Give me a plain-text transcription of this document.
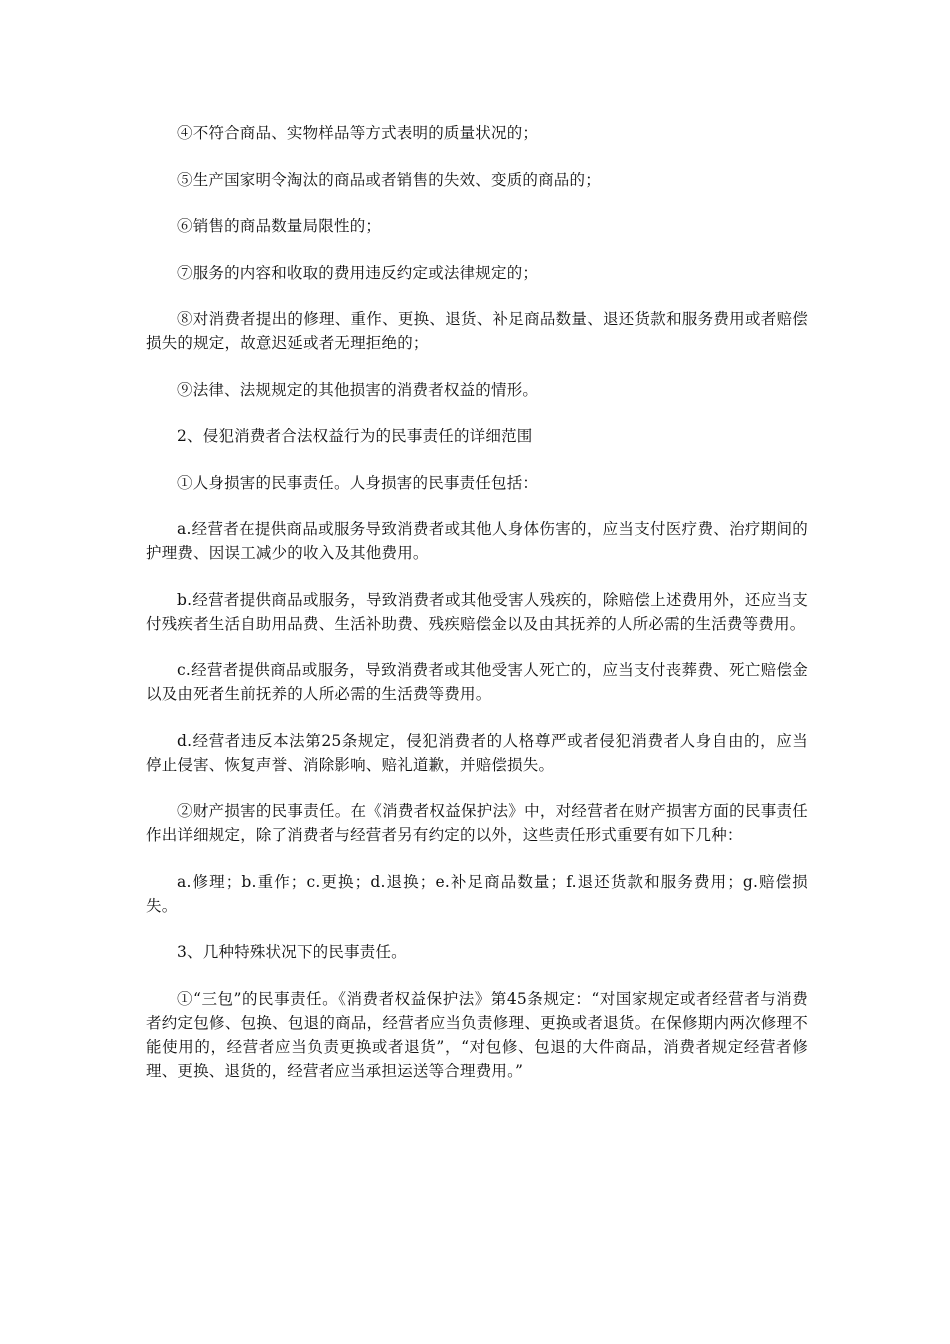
④不符合商品、实物样品等方式表明的质量状况的；

⑤生产国家明令淘汰的商品或者销售的失效、变质的商品的；

⑥销售的商品数量局限性的；

⑦服务的内容和收取的费用违反约定或法律规定的；

⑧对消费者提出的修理、重作、更换、退货、补足商品数量、退还货款和服务费用或者赔偿损失的规定，故意迟延或者无理拒绝的；

⑨法律、法规规定的其他损害的消费者权益的情形。

2、侵犯消费者合法权益行为的民事责任的详细范围

①人身损害的民事责任。人身损害的民事责任包括：

a.经营者在提供商品或服务导致消费者或其他人身体伤害的，应当支付医疗费、治疗期间的护理费、因误工减少的收入及其他费用。

b.经营者提供商品或服务，导致消费者或其他受害人残疾的，除赔偿上述费用外，还应当支付残疾者生活自助用品费、生活补助费、残疾赔偿金以及由其抚养的人所必需的生活费等费用。

c.经营者提供商品或服务，导致消费者或其他受害人死亡的，应当支付丧葬费、死亡赔偿金以及由死者生前抚养的人所必需的生活费等费用。

d.经营者违反本法第25条规定，侵犯消费者的人格尊严或者侵犯消费者人身自由的，应当停止侵害、恢复声誉、消除影响、赔礼道歉，并赔偿损失。

②财产损害的民事责任。在《消费者权益保护法》中，对经营者在财产损害方面的民事责任作出详细规定，除了消费者与经营者另有约定的以外，这些责任形式重要有如下几种：

a.修理；b.重作；c.更换；d.退换；e.补足商品数量；f.退还货款和服务费用；g.赔偿损失。

3、几种特殊状况下的民事责任。

①“三包”的民事责任。《消费者权益保护法》第45条规定：“对国家规定或者经营者与消费者约定包修、包换、包退的商品，经营者应当负责修理、更换或者退货。在保修期内两次修理不能使用的，经营者应当负责更换或者退货”，“对包修、包退的大件商品，消费者规定经营者修理、更换、退货的，经营者应当承担运送等合理费用。”
